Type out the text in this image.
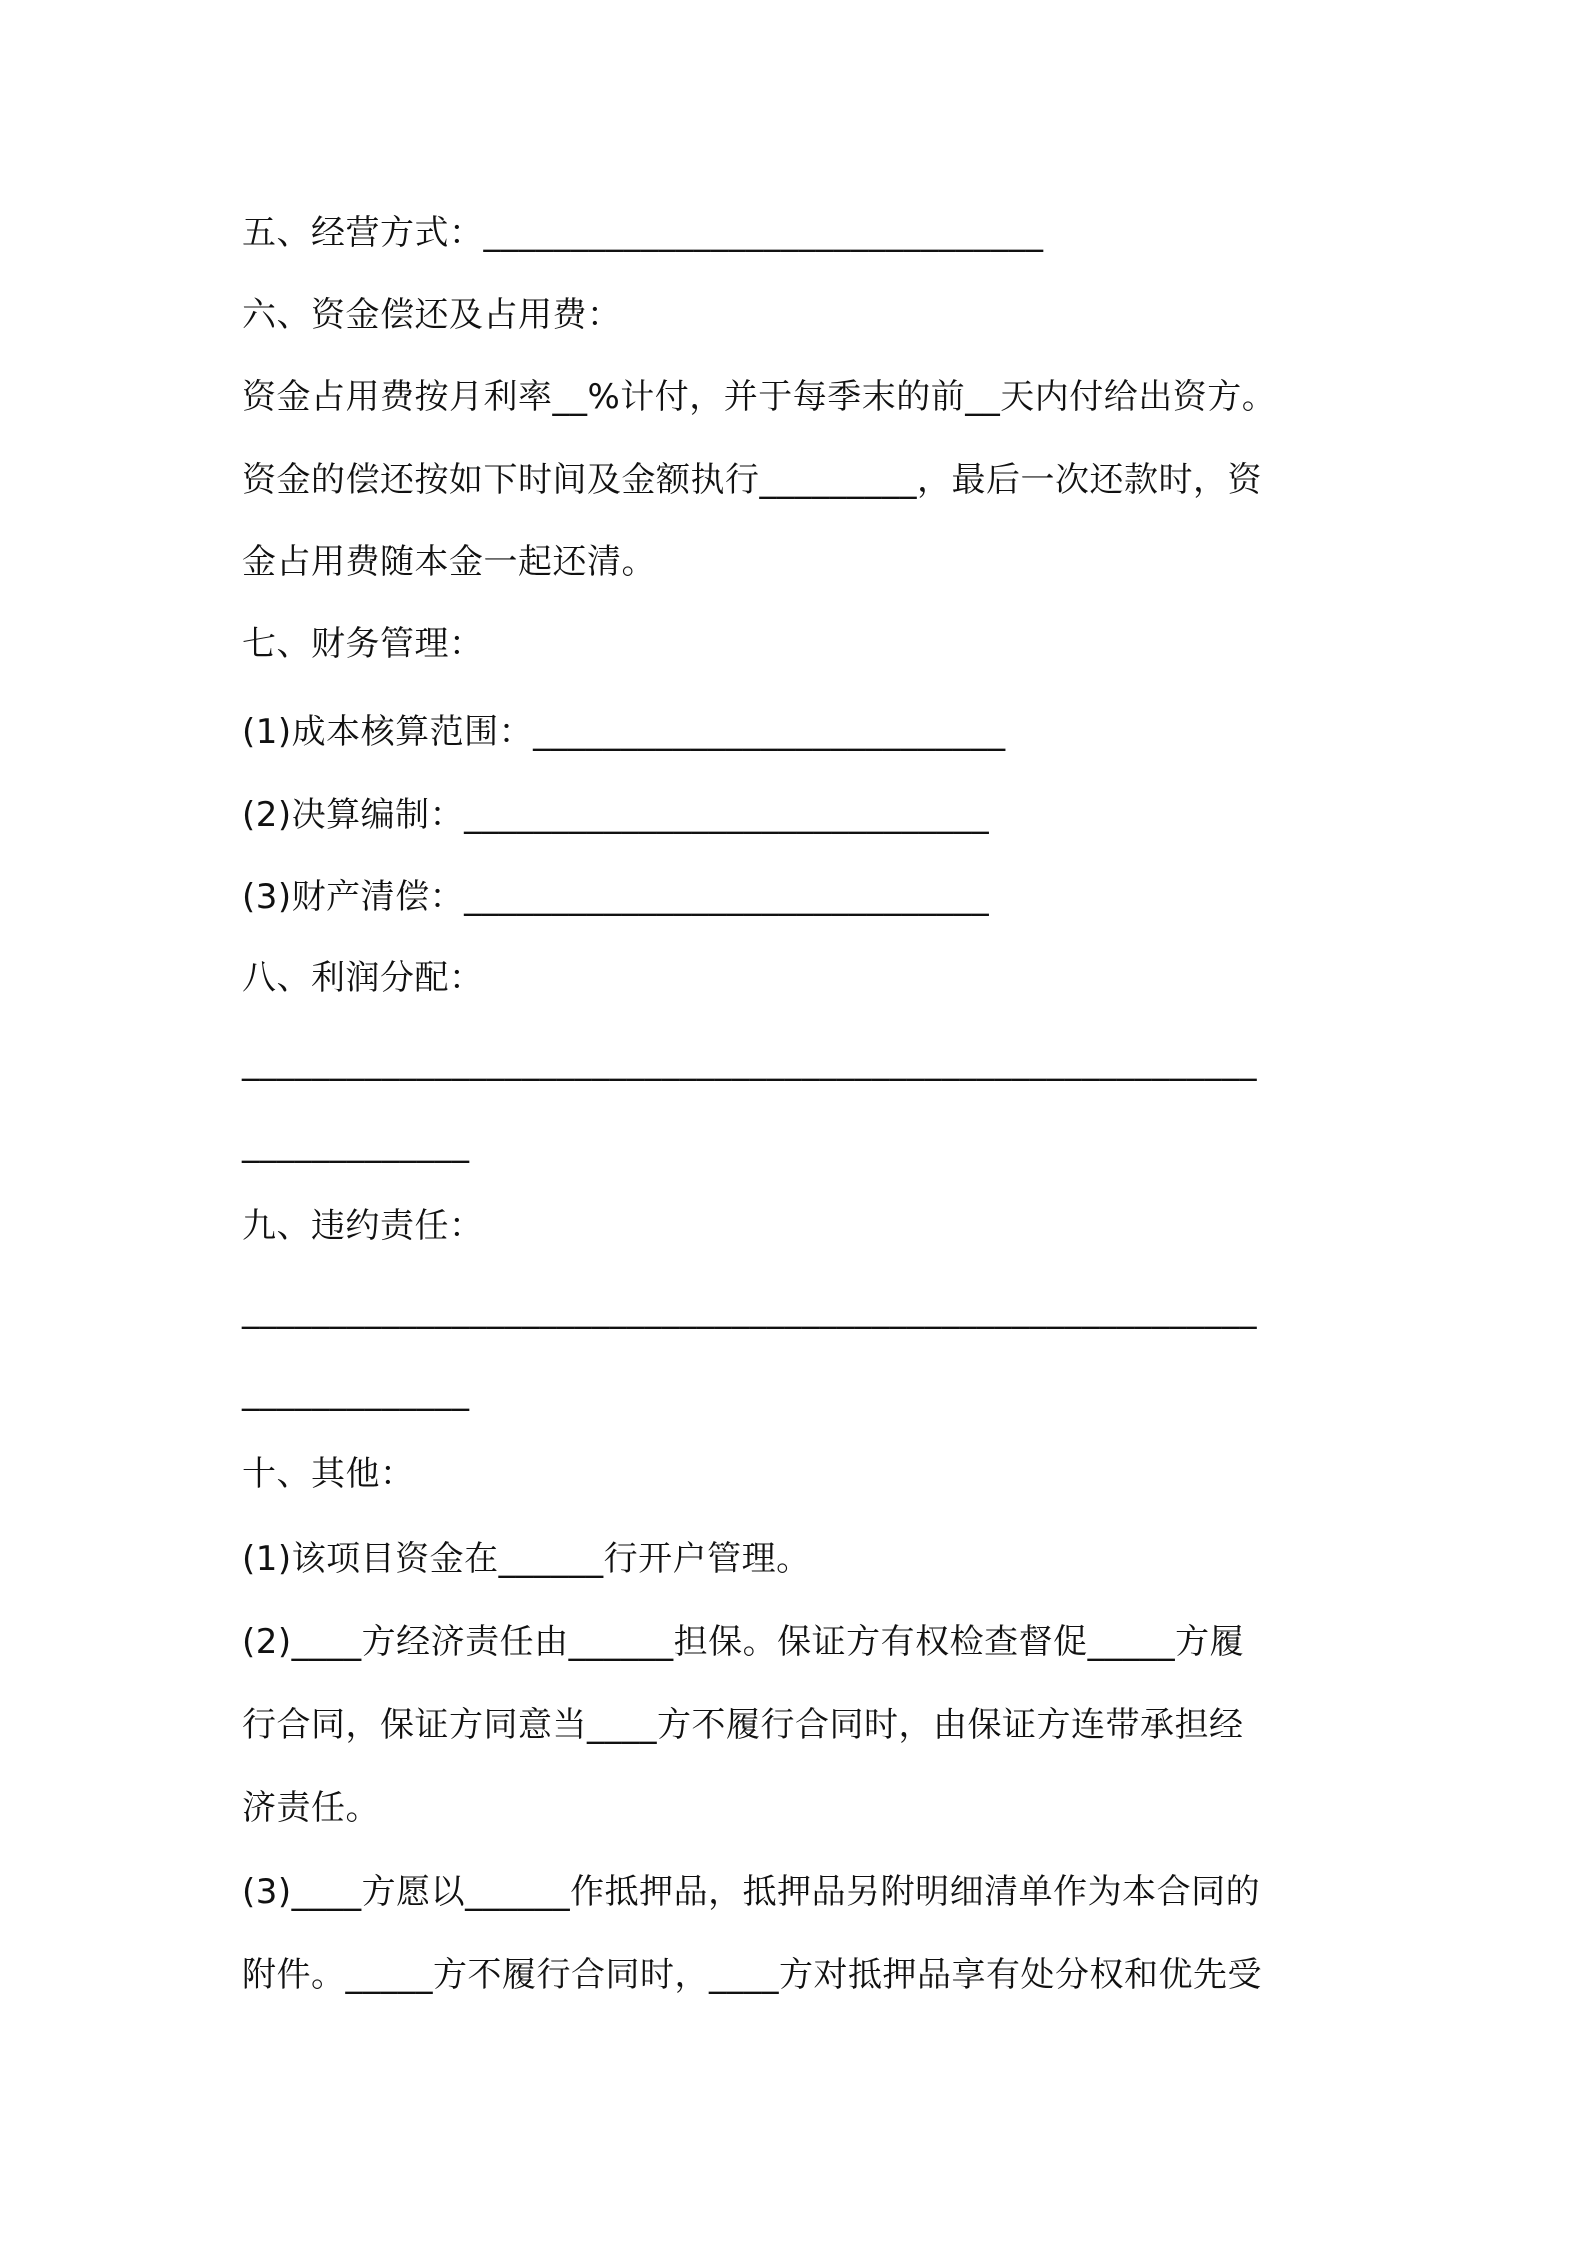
五、经营方式：________________________________
六、资金偿还及占用费：
资金占用费按月利率__%计付，并于每季末的前__天内付给出资方。
资金的偿还按如下时间及金额执行_________，最后一次还款时，资
金占用费随本金一起还清。
七、财务管理：
(1)成本核算范围：___________________________
(2)决算编制：______________________________
(3)财产清偿：______________________________
八、利润分配：
__________________________________________________________
_____________
九、违约责任：
__________________________________________________________
_____________
十、其他：
(1)该项目资金在______行开户管理。
(2)____方经济责任由______担保。保证方有权检查督促_____方履
行合同，保证方同意当____方不履行合同时，由保证方连带承担经
济责任。
(3)____方愿以______作抵押品，抵押品另附明细清单作为本合同的
附件。_____方不履行合同时，____方对抵押品享有处分权和优先受
